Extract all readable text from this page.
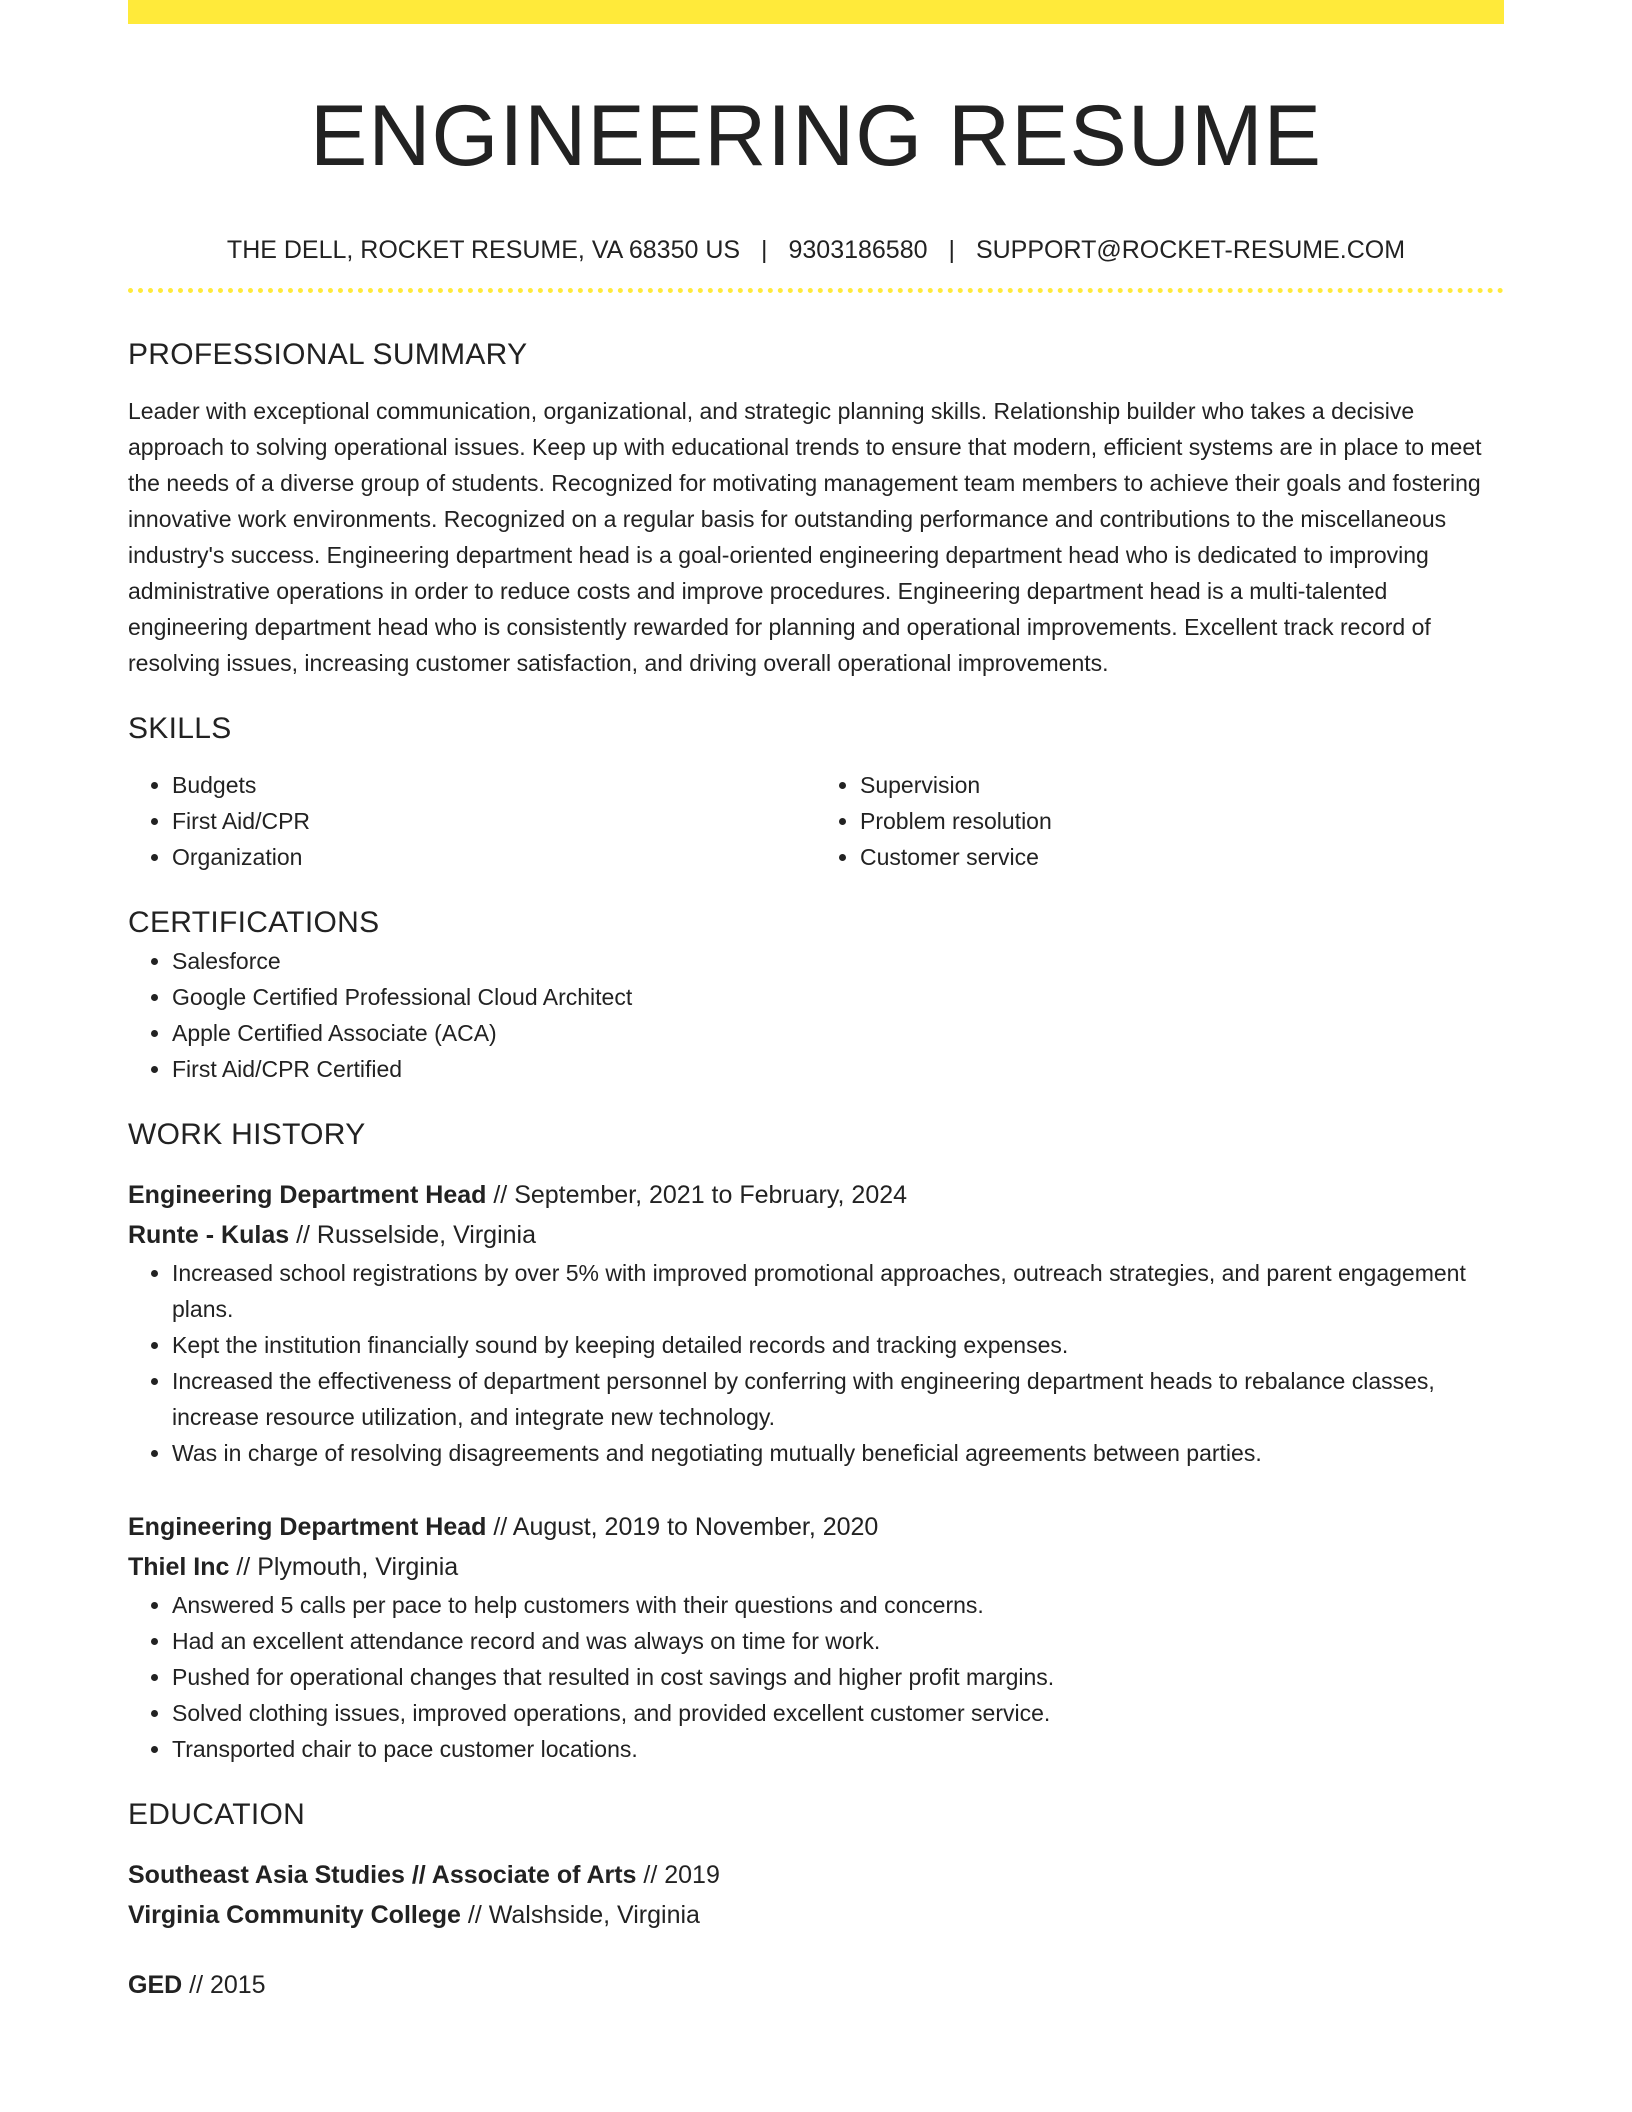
ENGINEERING RESUME
THE DELL, ROCKET RESUME, VA 68350 US | 9303186580 | SUPPORT@ROCKET-RESUME.COM
PROFESSIONAL SUMMARY

Leader with exceptional communication, organizational, and strategic planning skills. Relationship builder who takes a decisive approach to solving operational issues. Keep up with educational trends to ensure that modern, efficient systems are in place to meet the needs of a diverse group of students. Recognized for motivating management team members to achieve their goals and fostering innovative work environments. Recognized on a regular basis for outstanding performance and contributions to the miscellaneous industry's success. Engineering department head is a goal-oriented engineering department head who is dedicated to improving administrative operations in order to reduce costs and improve procedures. Engineering department head is a multi-talented engineering department head who is consistently rewarded for planning and operational improvements. Excellent track record of resolving issues, increasing customer satisfaction, and driving overall operational improvements.

SKILLS
• Budgets
• First Aid/CPR
• Organization
• Supervision
• Problem resolution
• Customer service
CERTIFICATIONS
• Salesforce
• Google Certified Professional Cloud Architect
• Apple Certified Associate (ACA)
• First Aid/CPR Certified
WORK HISTORY
Engineering Department Head // September, 2021 to February, 2024
Runte - Kulas // Russelside, Virginia
• Increased school registrations by over 5% with improved promotional approaches, outreach strategies, and parent engagement plans.
• Kept the institution financially sound by keeping detailed records and tracking expenses.
• Increased the effectiveness of department personnel by conferring with engineering department heads to rebalance classes, increase resource utilization, and integrate new technology.
• Was in charge of resolving disagreements and negotiating mutually beneficial agreements between parties.
Engineering Department Head // August, 2019 to November, 2020
Thiel Inc // Plymouth, Virginia
• Answered 5 calls per pace to help customers with their questions and concerns.
• Had an excellent attendance record and was always on time for work.
• Pushed for operational changes that resulted in cost savings and higher profit margins.
• Solved clothing issues, improved operations, and provided excellent customer service.
• Transported chair to pace customer locations.
EDUCATION
Southeast Asia Studies // Associate of Arts // 2019
Virginia Community College // Walshside, Virginia
GED // 2015
